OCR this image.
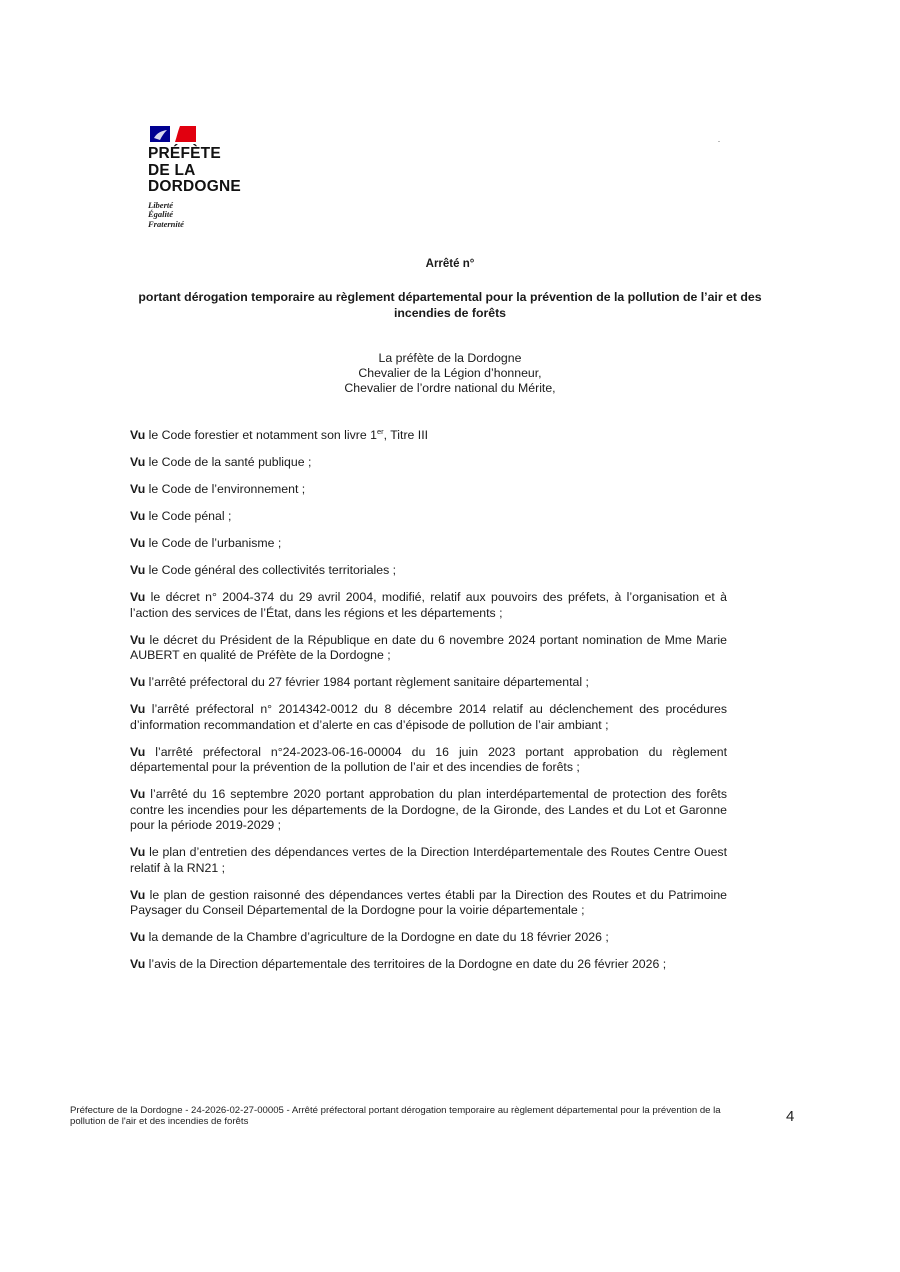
PRÉFÈTE
DE LA
DORDOGNE
Liberté
Égalité
Fraternité
Arrêté n°
portant dérogation temporaire au règlement départemental pour la prévention de la pollution de l’air et des incendies de forêts
La préfète de la Dordogne
Chevalier de la Légion d’honneur,
Chevalier de l’ordre national du Mérite,

Vu le Code forestier et notamment son livre 1er, Titre III

Vu le Code de la santé publique ;

Vu le Code de l’environnement ;

Vu le Code pénal ;

Vu le Code de l’urbanisme ;

Vu le Code général des collectivités territoriales ;

Vu le décret n° 2004-374 du 29 avril 2004, modifié, relatif aux pouvoirs des préfets, à l’organisation et à l’action des services de l’État, dans les régions et les départements ;

Vu le décret du Président de la République en date du 6 novembre 2024 portant nomination de Mme Marie AUBERT en qualité de Préfète de la Dordogne ;

Vu l’arrêté préfectoral du 27 février 1984 portant règlement sanitaire départemental ;

Vu l’arrêté préfectoral n° 2014342-0012 du 8 décembre 2014 relatif au déclenchement des procédures d’information recommandation et d’alerte en cas d’épisode de pollution de l’air ambiant ;

Vu l’arrêté préfectoral n°24-2023-06-16-00004 du 16 juin 2023 portant approbation du règlement départemental pour la prévention de la pollution de l’air et des incendies de forêts ;

Vu l’arrêté du 16 septembre 2020 portant approbation du plan interdépartemental de protection des forêts contre les incendies pour les départements de la Dordogne, de la Gironde, des Landes et du Lot et Garonne pour la période 2019-2029 ;

Vu le plan d’entretien des dépendances vertes de la Direction Interdépartementale des Routes Centre Ouest relatif à la RN21 ;

Vu le plan de gestion raisonné des dépendances vertes établi par la Direction des Routes et du Patrimoine Paysager du Conseil Départemental de la Dordogne pour la voirie départementale ;

Vu la demande de la Chambre d’agriculture de la Dordogne en date du 18 février 2026 ;

Vu l’avis de la Direction départementale des territoires de la Dordogne en date du 26 février 2026 ;

Préfecture de la Dordogne - 24-2026-02-27-00005 - Arrêté préfectoral portant dérogation temporaire au règlement départemental pour la prévention de la pollution de l'air et des incendies de forêts	4
